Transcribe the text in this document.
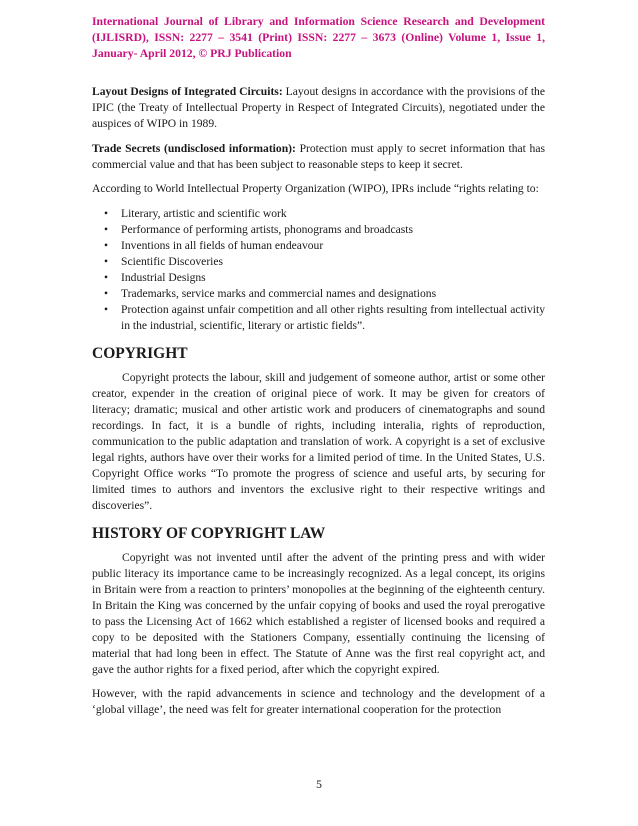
International Journal of Library and Information Science Research and Development (IJLISRD), ISSN: 2277 – 3541 (Print) ISSN: 2277 – 3673 (Online) Volume 1, Issue 1, January- April 2012, © PRJ Publication

Layout Designs of Integrated Circuits: Layout designs in accordance with the provisions of the IPIC (the Treaty of Intellectual Property in Respect of Integrated Circuits), negotiated under the auspices of WIPO in 1989.

Trade Secrets (undisclosed information): Protection must apply to secret information that has commercial value and that has been subject to reasonable steps to keep it secret.

According to World Intellectual Property Organization (WIPO), IPRs include “rights relating to:

• Literary, artistic and scientific work
• Performance of performing artists, phonograms and broadcasts
• Inventions in all fields of human endeavour
• Scientific Discoveries
• Industrial Designs
• Trademarks, service marks and commercial names and designations
• Protection against unfair competition and all other rights resulting from intellectual activity in the industrial, scientific, literary or artistic fields”.
COPYRIGHT

Copyright protects the labour, skill and judgement of someone author, artist or some other creator, expender in the creation of original piece of work. It may be given for creators of literacy; dramatic; musical and other artistic work and producers of cinematographs and sound recordings. In fact, it is a bundle of rights, including interalia, rights of reproduction, communication to the public adaptation and translation of work. A copyright is a set of exclusive legal rights, authors have over their works for a limited period of time. In the United States, U.S. Copyright Office works “To promote the progress of science and useful arts, by securing for limited times to authors and inventors the exclusive right to their respective writings and discoveries”.

HISTORY OF COPYRIGHT LAW

Copyright was not invented until after the advent of the printing press and with wider public literacy its importance came to be increasingly recognized. As a legal concept, its origins in Britain were from a reaction to printers’ monopolies at the beginning of the eighteenth century. In Britain the King was concerned by the unfair copying of books and used the royal prerogative to pass the Licensing Act of 1662 which established a register of licensed books and required a copy to be deposited with the Stationers Company, essentially continuing the licensing of material that had long been in effect. The Statute of Anne was the first real copyright act, and gave the author rights for a fixed period, after which the copyright expired.

However, with the rapid advancements in science and technology and the development of a ‘global village’, the need was felt for greater international cooperation for the protection

5
